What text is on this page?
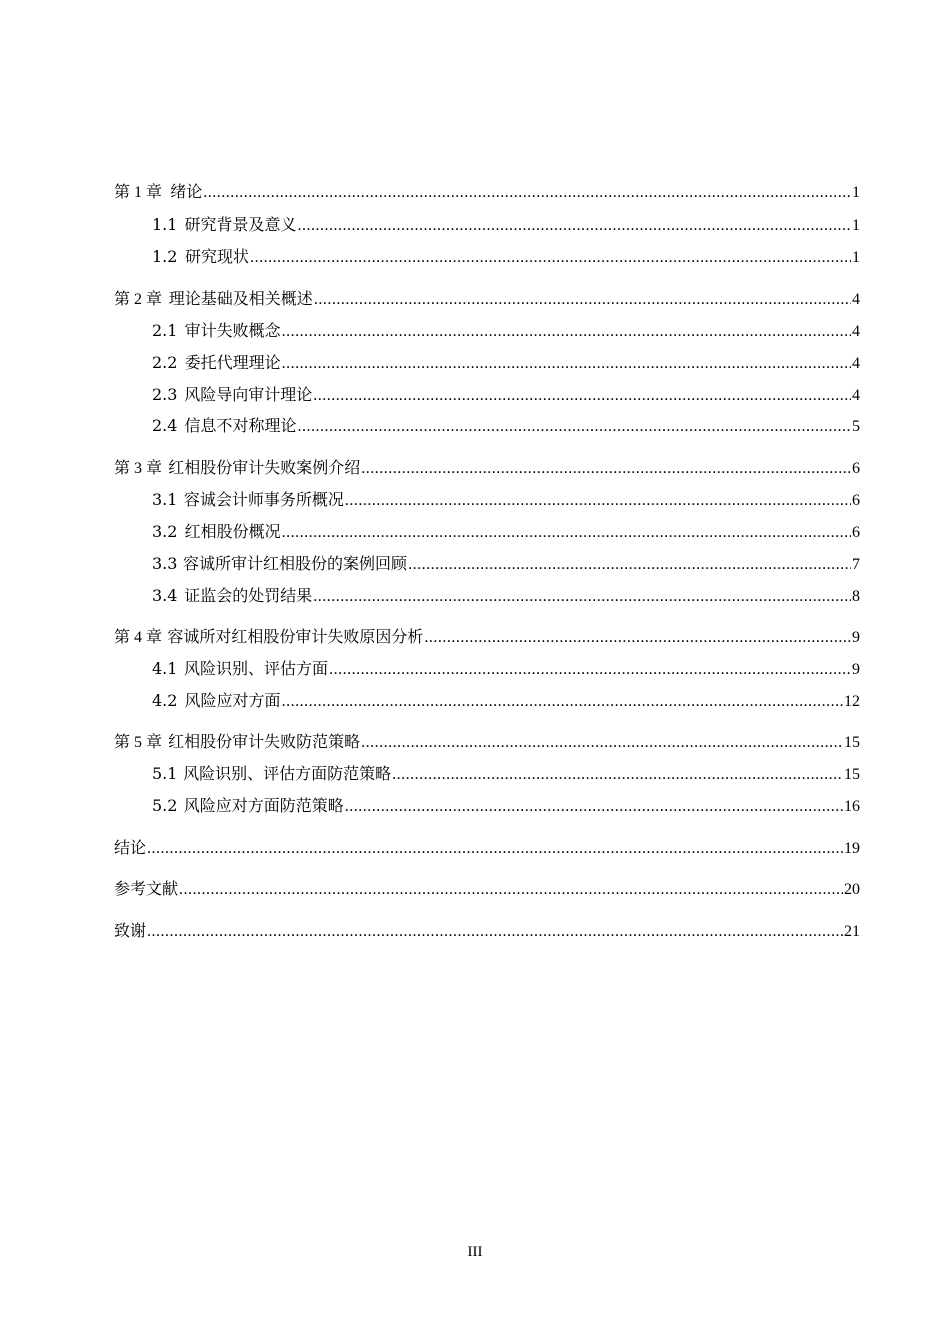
第 1 章 绪论 .....	1
1.1 研究背景及意义 .....	1
1.2 研究现状 .....	1
第 2 章 理论基础及相关概述 .....	4
2.1 审计失败概念 .....	4
2.2 委托代理理论 .....	4
2.3 风险导向审计理论 .....	4
2.4 信息不对称理论 .....	5
第 3 章 红相股份审计失败案例介绍 .....	6
3.1 容诚会计师事务所概况 .....	6
3.2 红相股份概况 .....	6
3.3 容诚所审计红相股份的案例回顾 .....	7
3.4 证监会的处罚结果 .....	8
第 4 章 容诚所对红相股份审计失败原因分析 .....	9
4.1 风险识别、评估方面 .....	9
4.2 风险应对方面 .....	12
第 5 章 红相股份审计失败防范策略 .....	15
5.1 风险识别、评估方面防范策略 .....	15
5.2 风险应对方面防范策略 .....	16
结论 .....	19
参考文献 .....	20
致谢 .....	21
III
